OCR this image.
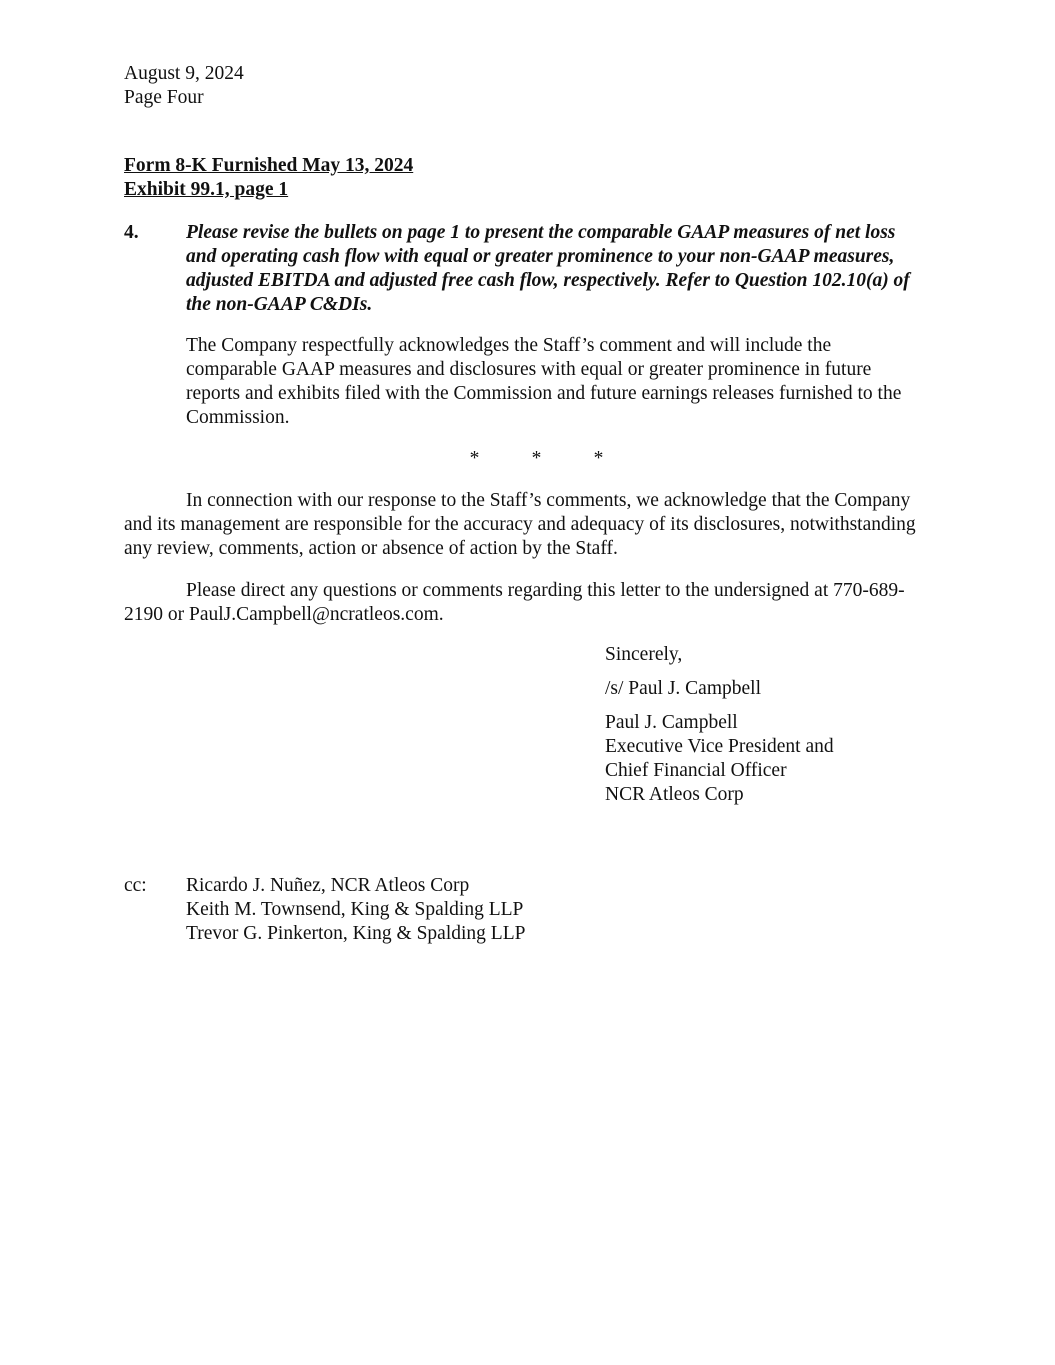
August 9, 2024
Page Four
Form 8-K Furnished May 13, 2024
Exhibit 99.1, page 1
4. Please revise the bullets on page 1 to present the comparable GAAP measures of net loss and operating cash flow with equal or greater prominence to your non-GAAP measures, adjusted EBITDA and adjusted free cash flow, respectively. Refer to Question 102.10(a) of the non-GAAP C&DIs.
The Company respectfully acknowledges the Staff’s comment and will include the comparable GAAP measures and disclosures with equal or greater prominence in future reports and exhibits filed with the Commission and future earnings releases furnished to the Commission.
*	*	*
In connection with our response to the Staff’s comments, we acknowledge that the Company and its management are responsible for the accuracy and adequacy of its disclosures, notwithstanding any review, comments, action or absence of action by the Staff.
Please direct any questions or comments regarding this letter to the undersigned at 770-689-2190 or PaulJ.Campbell@ncratleos.com.
Sincerely,
/s/ Paul J. Campbell
Paul J. Campbell
Executive Vice President and
Chief Financial Officer
NCR Atleos Corp
cc: Ricardo J. Nuñez, NCR Atleos Corp
Keith M. Townsend, King & Spalding LLP
Trevor G. Pinkerton, King & Spalding LLP
